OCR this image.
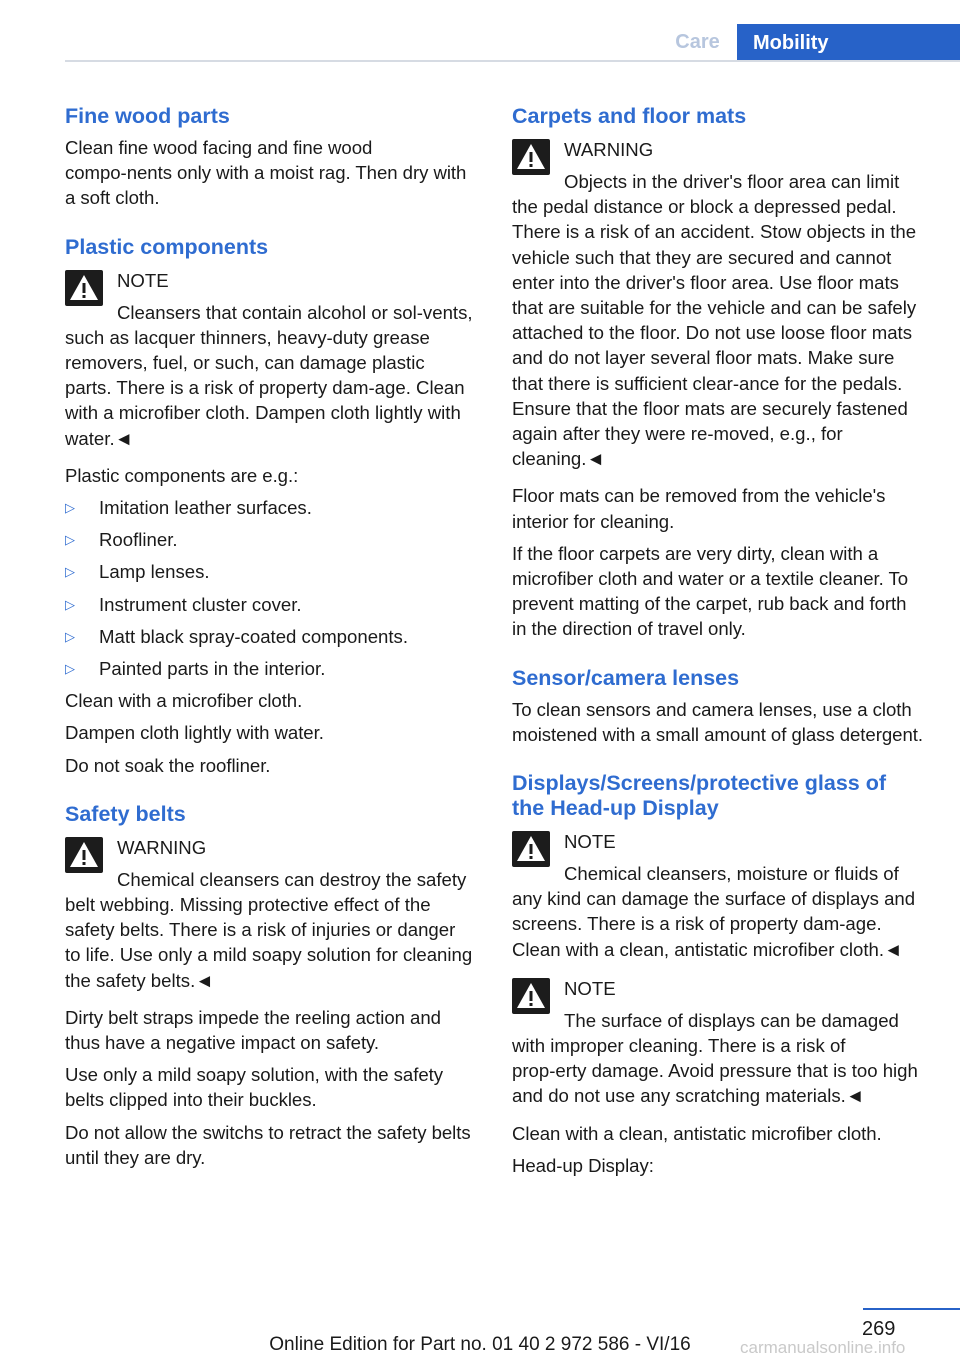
Care	Mobility
Fine wood parts

Clean fine wood facing and fine wood compo‑nents only with a moist rag. Then dry with a soft cloth.

Plastic components
NOTE
Cleansers that contain alcohol or sol‑vents, such as lacquer thinners, heavy‑duty grease removers, fuel, or such, can damage plastic parts. There is a risk of property dam‑age. Clean with a microfiber cloth. Dampen cloth lightly with water.◄

Plastic components are e.g.:

▷ Imitation leather surfaces.
▷ Roofliner.
▷ Lamp lenses.
▷ Instrument cluster cover.
▷ Matt black spray‑coated components.
▷ Painted parts in the interior.

Clean with a microfiber cloth.

Dampen cloth lightly with water.

Do not soak the roofliner.

Safety belts
WARNING
Chemical cleansers can destroy the safety belt webbing. Missing protective effect of the safety belts. There is a risk of injuries or danger to life. Use only a mild soapy solution for cleaning the safety belts.◄

Dirty belt straps impede the reeling action and thus have a negative impact on safety.

Use only a mild soapy solution, with the safety belts clipped into their buckles.

Do not allow the switchs to retract the safety belts until they are dry.

Carpets and floor mats
WARNING
Objects in the driver's floor area can limit the pedal distance or block a depressed pedal. There is a risk of an accident. Stow objects in the vehicle such that they are secured and cannot enter into the driver's floor area. Use floor mats that are suitable for the vehicle and can be safely attached to the floor. Do not use loose floor mats and do not layer several floor mats. Make sure that there is sufficient clear‑ance for the pedals. Ensure that the floor mats are securely fastened again after they were re‑moved, e.g., for cleaning.◄

Floor mats can be removed from the vehicle's interior for cleaning.

If the floor carpets are very dirty, clean with a microfiber cloth and water or a textile cleaner. To prevent matting of the carpet, rub back and forth in the direction of travel only.

Sensor/camera lenses

To clean sensors and camera lenses, use a cloth moistened with a small amount of glass detergent.

Displays/Screens/protective glass of the Head‑up Display
NOTE
Chemical cleansers, moisture or fluids of any kind can damage the surface of displays and screens. There is a risk of property dam‑age. Clean with a clean, antistatic microfiber cloth.◄
NOTE
The surface of displays can be damaged with improper cleaning. There is a risk of prop‑erty damage. Avoid pressure that is too high and do not use any scratching materials.◄

Clean with a clean, antistatic microfiber cloth.

Head-up Display:

269
Online Edition for Part no. 01 40 2 972 586 - VI/16	carmanualsonline.info
